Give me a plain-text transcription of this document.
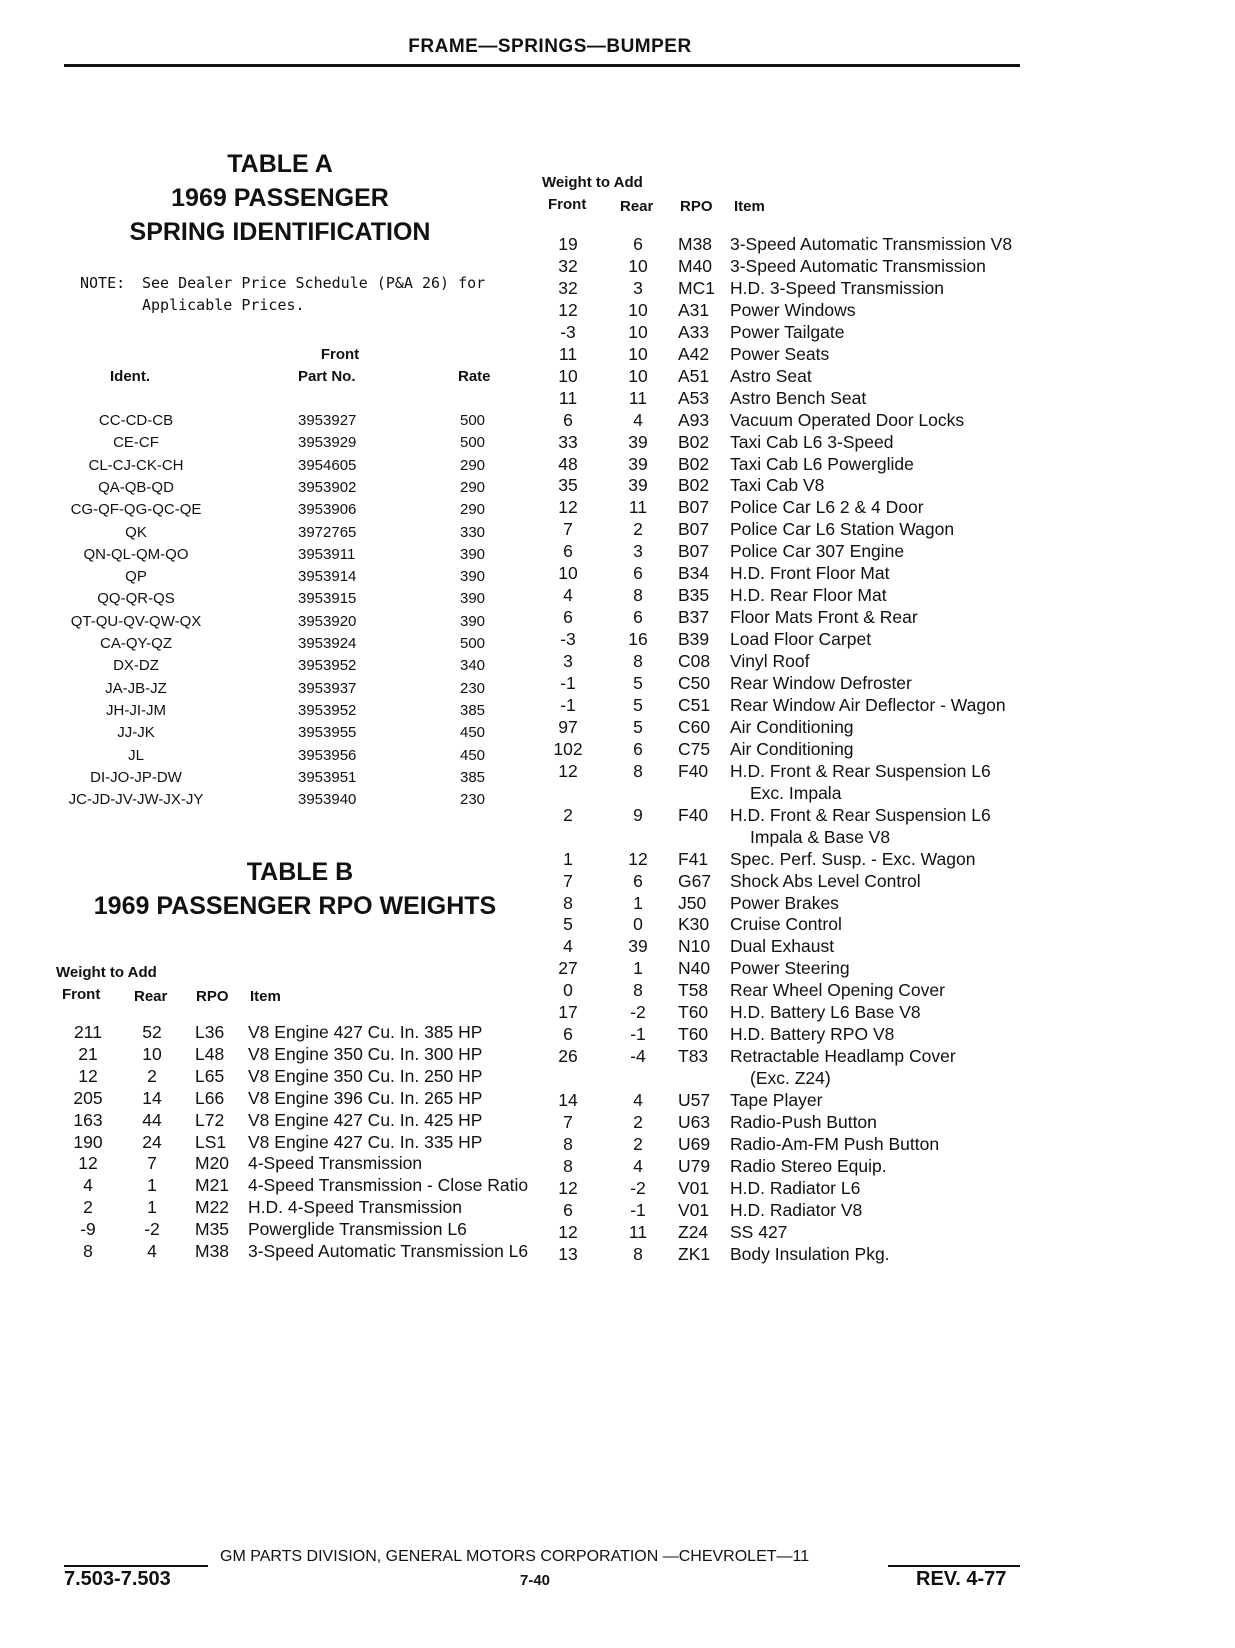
FRAME—SPRINGS—BUMPER
TABLE A
1969 PASSENGER
SPRING IDENTIFICATION
NOTE: See Dealer Price Schedule (P&A 26) for
Applicable Prices.
Front
Ident.	Part No.	Rate
CC-CD-CB	3953927	500
CE-CF	3953929	500
CL-CJ-CK-CH	3954605	290
QA-QB-QD	3953902	290
CG-QF-QG-QC-QE	3953906	290
QK	3972765	330
QN-QL-QM-QO	3953911	390
QP	3953914	390
QQ-QR-QS	3953915	390
QT-QU-QV-QW-QX	3953920	390
CA-QY-QZ	3953924	500
DX-DZ	3953952	340
JA-JB-JZ	3953937	230
JH-JI-JM	3953952	385
JJ-JK	3953955	450
JL	3953956	450
DI-JO-JP-DW	3953951	385
JC-JD-JV-JW-JX-JY	3953940	230
TABLE B
1969 PASSENGER RPO WEIGHTS
Weight to Add
Front Rear RPO Item
211 52 L36 V8 Engine 427 Cu. In. 385 HP
21	10 L48 V8 Engine 350 Cu. In. 300 HP
12	2 L65 V8 Engine 350 Cu. In. 250 HP
205 14 L66 V8 Engine 396 Cu. In. 265 HP
163 44 L72 V8 Engine 427 Cu. In. 425 HP
190 24 LS1 V8 Engine 427 Cu. In. 335 HP
12	7 M20 4-Speed Transmission
4	1 M21 4-Speed Transmission - Close Ratio
2	1 M22 H.D. 4-Speed Transmission
-9	-2 M35 Powerglide Transmission L6
8	4 M38 3-Speed Automatic Transmission L6
Weight to Add
Front Rear RPO Item
19	6 M38 3-Speed Automatic Transmission V8
32	10 M40 3-Speed Automatic Transmission
32	3 MC1 H.D. 3-Speed Transmission
12	10 A31 Power Windows
-3	10 A33 Power Tailgate
11	10 A42 Power Seats
10	10 A51 Astro Seat
11	11 A53 Astro Bench Seat
6	4 A93 Vacuum Operated Door Locks
33	39 B02 Taxi Cab L6 3-Speed
48	39 B02 Taxi Cab L6 Powerglide
35	39 B02 Taxi Cab V8
12	11 B07 Police Car L6 2 & 4 Door
7	2 B07 Police Car L6 Station Wagon
6	3 B07 Police Car 307 Engine
10	6 B34 H.D. Front Floor Mat
4	8 B35 H.D. Rear Floor Mat
6	6 B37 Floor Mats Front & Rear
-3	16 B39 Load Floor Carpet
3	8 C08 Vinyl Roof
-1	5 C50 Rear Window Defroster
-1	5 C51 Rear Window Air Deflector - Wagon
97	5 C60 Air Conditioning
102	6 C75 Air Conditioning
12	8 F40 H.D. Front & Rear Suspension L6
Exc. Impala
2	9 F40 H.D. Front & Rear Suspension L6
Impala & Base V8
1	12 F41 Spec. Perf. Susp. - Exc. Wagon
7	6 G67 Shock Abs Level Control
8	1 J50 Power Brakes
5	0 K30 Cruise Control
4	39 N10 Dual Exhaust
27	1 N40 Power Steering
0	8 T58 Rear Wheel Opening Cover
17	-2 T60 H.D. Battery L6 Base V8
6	-1 T60 H.D. Battery RPO V8
26	-4 T83 Retractable Headlamp Cover
(Exc. Z24)
14	4 U57 Tape Player
7	2 U63 Radio-Push Button
8	2 U69 Radio-Am-FM Push Button
8	4 U79 Radio Stereo Equip.
12	-2 V01 H.D. Radiator L6
6	-1 V01 H.D. Radiator V8
12	11 Z24 SS 427
13	8 ZK1 Body Insulation Pkg.
7.503-7.503
GM PARTS DIVISION, GENERAL MOTORS CORPORATION —CHEVROLET—11
7-40	REV. 4-77
